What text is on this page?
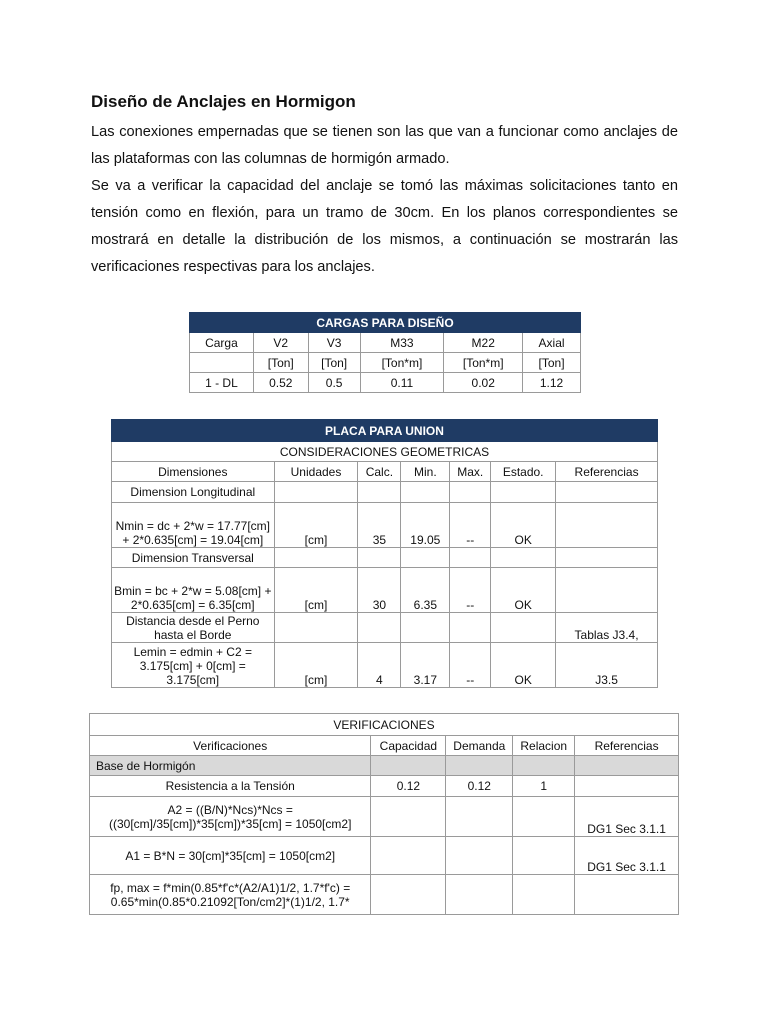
Diseño de Anclajes en Hormigon

Las conexiones empernadas que se tienen son las que van a funcionar como anclajes de las plataformas con las columnas de hormigón armado.

Se va a verificar la capacidad del anclaje se tomó las máximas solicitaciones tanto en tensión como en flexión, para un tramo de 30cm. En los planos correspondientes se mostrará en detalle la distribución de los mismos, a continuación se mostrarán las verificaciones respectivas para los anclajes.

CARGAS PARA DISEÑO					
Carga	V2	V3	M33	M22	Axial
	[Ton]	[Ton]	[Ton*m]	[Ton*m]	[Ton]
1 - DL	0.52	0.5	0.11	0.02	1.12
PLACA PARA UNION						
CONSIDERACIONES GEOMETRICAS						
Dimensiones	Unidades	Calc.	Min.	Max.	Estado.	Referencias
Dimension Longitudinal						
Nmin = dc + 2*w = 17.77[cm] + 2*0.635[cm] = 19.04[cm]	[cm]	35	19.05	--	OK	
Dimension Transversal						
Bmin = bc + 2*w = 5.08[cm] + 2*0.635[cm] = 6.35[cm]	[cm]	30	6.35	--	OK	
Distancia desde el Perno hasta el Borde						Tablas J3.4,
Lemin = edmin + C2 = 3.175[cm] + 0[cm] = 3.175[cm]	[cm]	4	3.17	--	OK	J3.5
VERIFICACIONES				
Verificaciones	Capacidad	Demanda	Relacion	Referencias
Base de Hormigón				
Resistencia a la Tensión	0.12	0.12	1	
A2 = ((B/N)*Ncs)*Ncs = ((30[cm]/35[cm])*35[cm])*35[cm] = 1050[cm2]				DG1 Sec 3.1.1
A1 = B*N = 30[cm]*35[cm] = 1050[cm2]				DG1 Sec 3.1.1
fp, max = f*min(0.85*f'c*(A2/A1)1/2, 1.7*f'c) = 0.65*min(0.85*0.21092[Ton/cm2]*(1)1/2, 1.7*				
